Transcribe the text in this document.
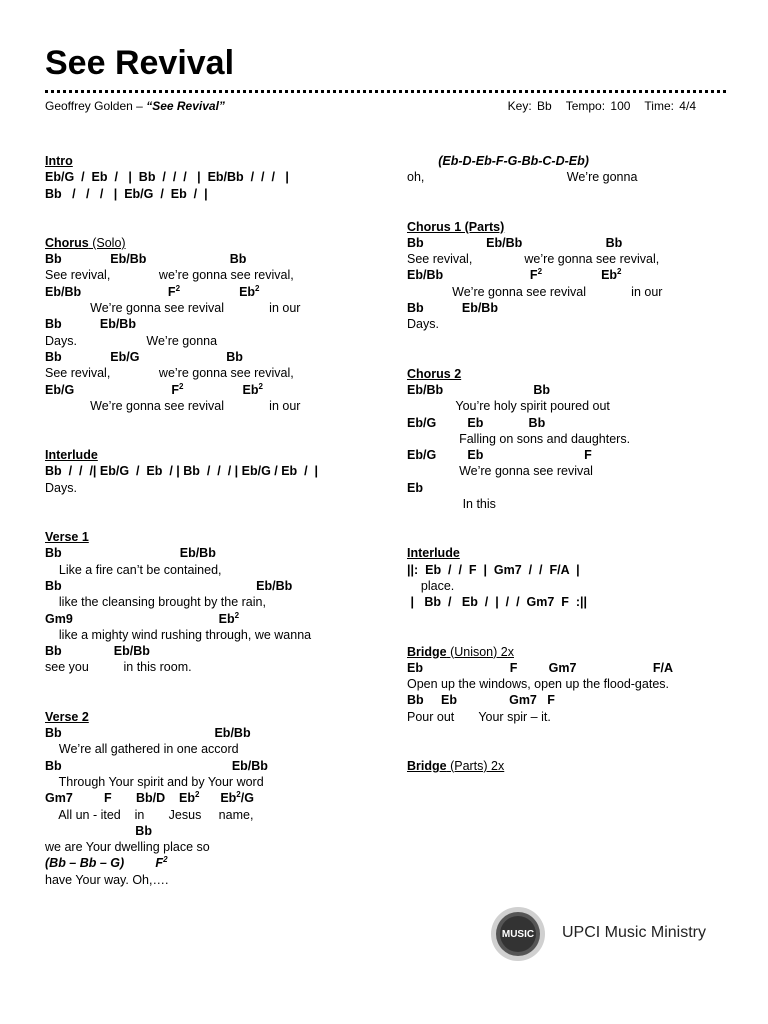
See Revival
Geoffrey Golden – “See Revival”	Key: Bb Tempo: 100 Time: 4/4
Intro
Eb/G  /  Eb  /   |  Bb  /  /  /   |  Eb/Bb  /  /  /   |
Bb   /   /   /   |  Eb/G  /  Eb  /  |
Chorus (Solo)
Bb              Eb/Bb                        Bb
See revival,              we’re gonna see revival,
Eb/Bb                         $F^2$                 Eb$^2$
We’re gonna see revival             in our
Bb           Eb/Bb
Days.                    We’re gonna
Bb              Eb/G                         Bb
See revival,              we’re gonna see revival,
Eb/G                            $F^2$                 Eb$^2$
We’re gonna see revival             in our
Interlude
Bb  /  /  /| Eb/G  /  Eb  / | Bb  /  /  / | Eb/G / Eb  /  |
Days.
Verse 1
Bb                                  Eb/Bb
Like a fire can’t be contained,
Bb                                                        Eb/Bb
like the cleansing brought by the rain,
Gm9                                          Eb$^2$
like a mighty wind rushing through, we wanna
Bb               Eb/Bb
see you          in this room.
Verse 2
Bb                                            Eb/Bb
We’re all gathered in one accord
Bb                                                 Eb/Bb
Through Your spirit and by Your word
Gm7         F       Bb/D    Eb$^2$      Eb$^2$/G
All un - ited    in       Jesus     name,
Bb
we are Your dwelling place so
(Bb – Bb – G)         $F^2$
have Your way. Oh,….
(Eb-D-Eb-F-G-Bb-C-D-Eb)
oh,                                         We’re gonna
Chorus 1 (Parts)
Bb                  Eb/Bb                        Bb
See revival,               we’re gonna see revival,
Eb/Bb                         $F^2$                 Eb$^2$
We’re gonna see revival             in our
Bb           Eb/Bb
Days.
Chorus 2
Eb/Bb                          Bb
You’re holy spirit poured out
Eb/G         Eb             Bb
Falling on sons and daughters.
Eb/G         Eb                             F
We’re gonna see revival
Eb
In this
Interlude
||:  Eb  /  /  F  |  Gm7  /  /  F/A  |
place.
|   Bb  /   Eb  /  |  /  /  Gm7  F  :||
Bridge (Unison) 2x
Eb                         F         Gm7                      F/A
Open up the windows, open up the flood-gates.
Bb     Eb               Gm7   F
Pour out       Your spir – it.
Bridge (Parts) 2x
MUSIC UPCI Music Ministry
